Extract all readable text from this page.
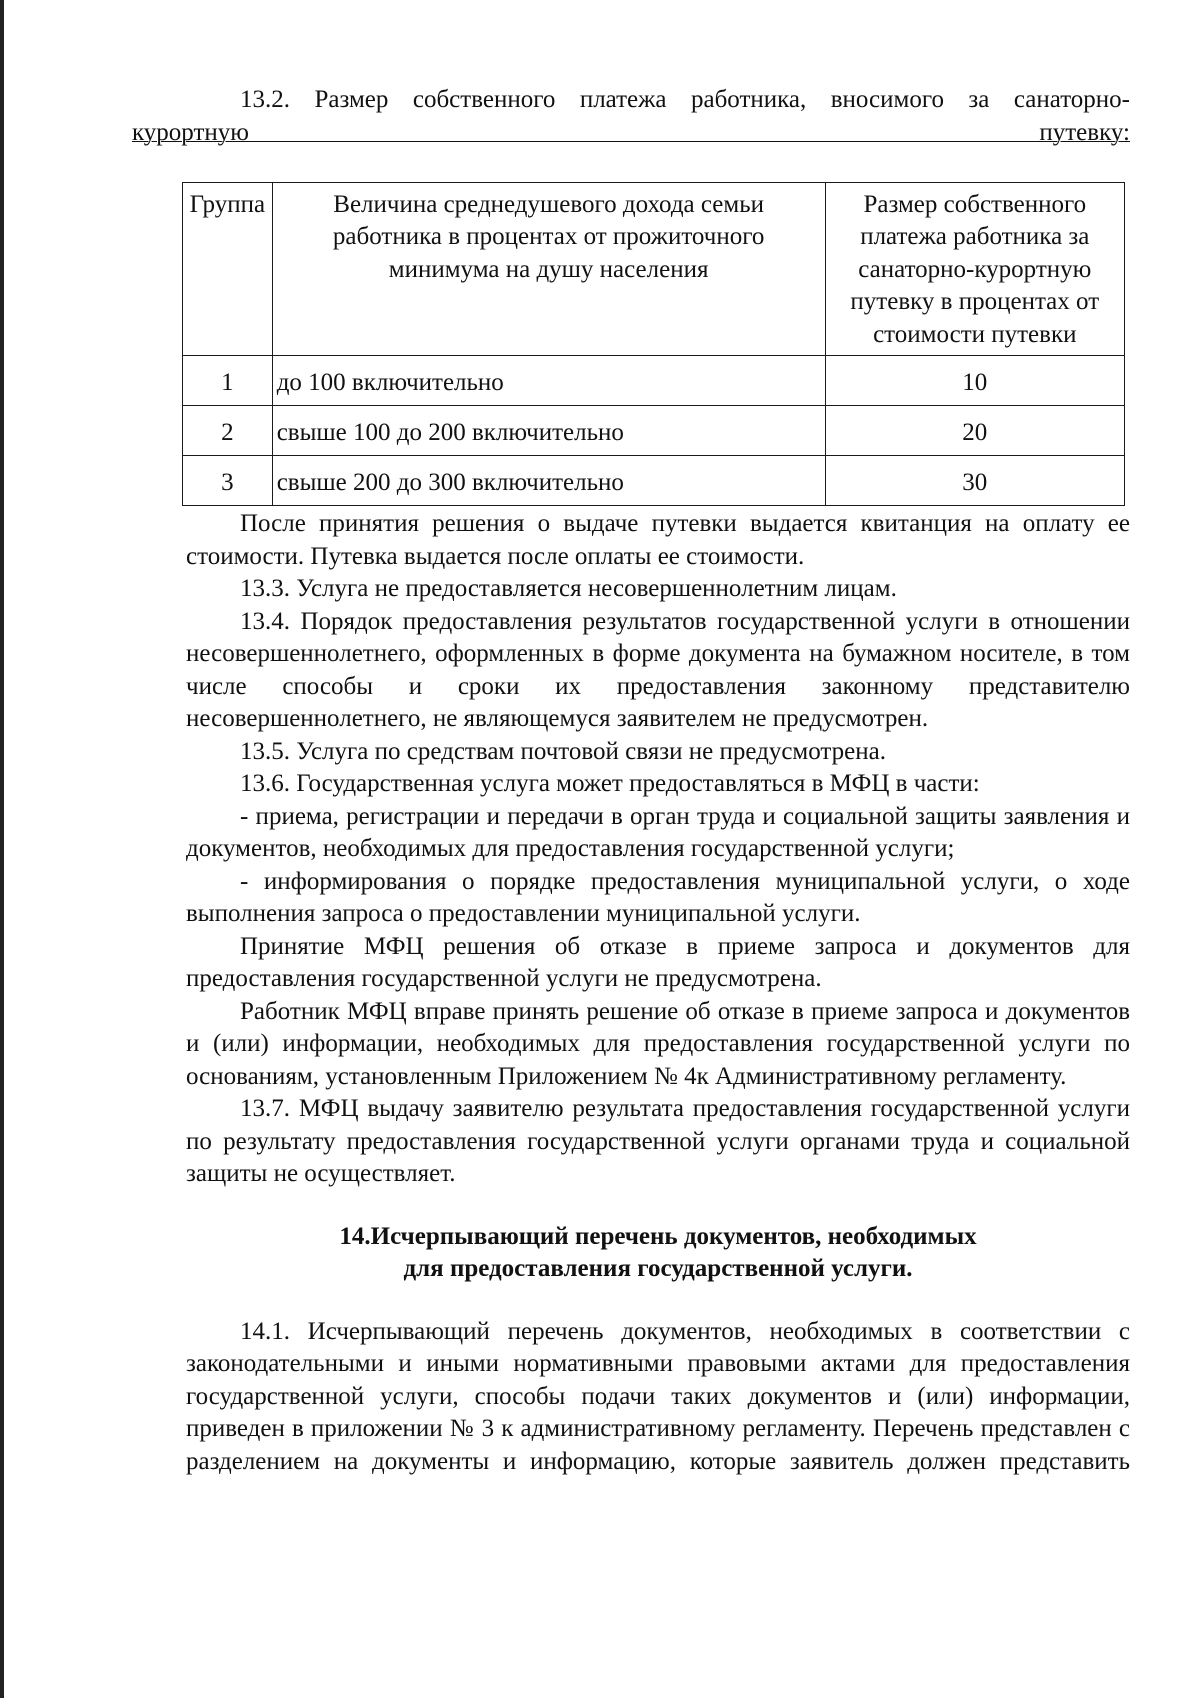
13.2. Размер собственного платежа работника, вносимого за санаторно-
курортную путевку:

Группа	Величина среднедушевого дохода семьи работника в процентах от прожиточного минимума на душу населения	Размер собственного платежа работника за санаторно-курортную путевку в процентах от стоимости путевки
1	до 100 включительно	10
2	свыше 100 до 200 включительно	20
3	свыше 200 до 300 включительно	30

После принятия решения о выдаче путевки выдается квитанция на оплату ее стоимости. Путевка выдается после оплаты ее стоимости.

13.3. Услуга не предоставляется несовершеннолетним лицам.

13.4. Порядок предоставления результатов государственной услуги в отношении несовершеннолетнего, оформленных в форме документа на бумажном носителе, в том числе способы и сроки их предоставления законному представителю несовершеннолетнего, не являющемуся заявителем не предусмотрен.

13.5. Услуга по средствам почтовой связи не предусмотрена.

13.6. Государственная услуга может предоставляться в МФЦ в части:

- приема, регистрации и передачи в орган труда и социальной защиты заявления и документов, необходимых для предоставления государственной услуги;

- информирования о порядке предоставления муниципальной услуги, о ходе выполнения запроса о предоставлении муниципальной услуги.

Принятие МФЦ решения об отказе в приеме запроса и документов для предоставления государственной услуги не предусмотрена.

Работник МФЦ вправе принять решение об отказе в приеме запроса и документов и (или) информации, необходимых для предоставления государственной услуги по основаниям, установленным Приложением № 4к Административному регламенту.

13.7. МФЦ выдачу заявителю результата предоставления государственной услуги по результату предоставления государственной услуги органами труда и социальной защиты не осуществляет.

14.Исчерпывающий перечень документов, необходимых
для предоставления государственной услуги.

14.1. Исчерпывающий перечень документов, необходимых в соответствии с законодательными и иными нормативными правовыми актами для предоставления государственной услуги, способы подачи таких документов и (или) информации, приведен в приложении № 3 к административному регламенту. Перечень представлен с разделением на документы и информацию, которые заявитель должен представить
